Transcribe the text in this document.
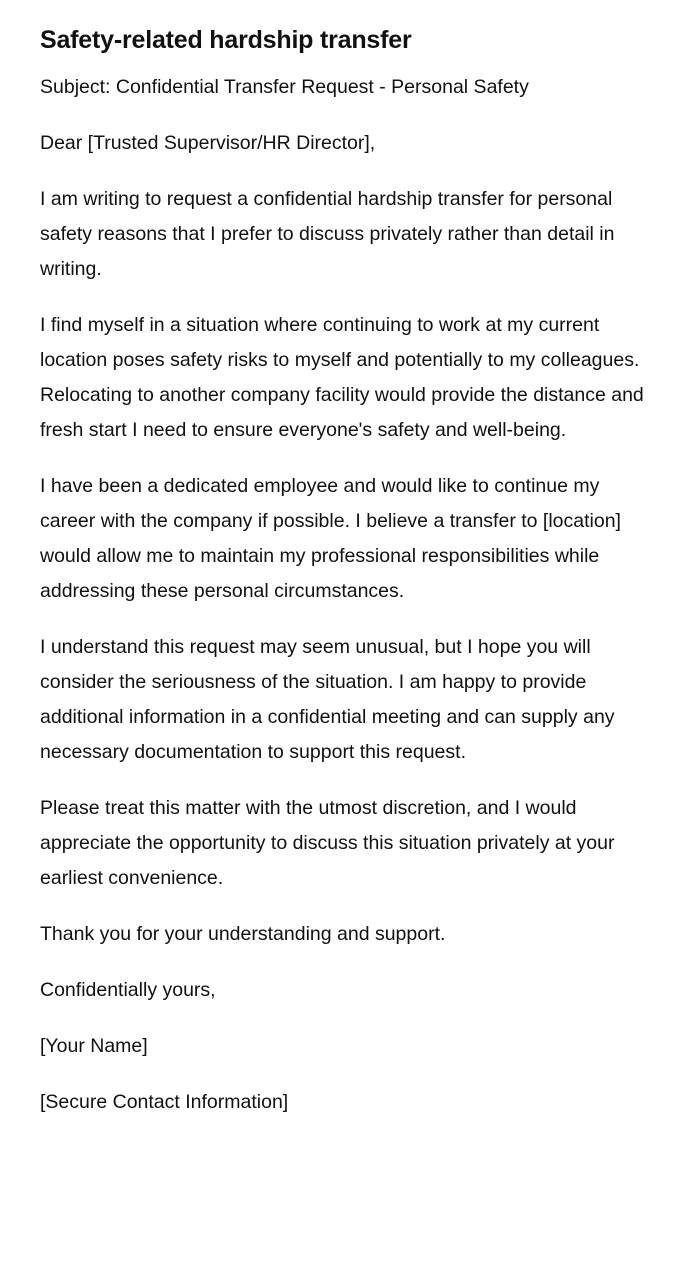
Safety-related hardship transfer

Subject: Confidential Transfer Request - Personal Safety

Dear [Trusted Supervisor/HR Director],

I am writing to request a confidential hardship transfer for personal safety reasons that I prefer to discuss privately rather than detail in writing.

I find myself in a situation where continuing to work at my current location poses safety risks to myself and potentially to my colleagues. Relocating to another company facility would provide the distance and fresh start I need to ensure everyone's safety and well-being.

I have been a dedicated employee and would like to continue my career with the company if possible. I believe a transfer to [location] would allow me to maintain my professional responsibilities while addressing these personal circumstances.

I understand this request may seem unusual, but I hope you will consider the seriousness of the situation. I am happy to provide additional information in a confidential meeting and can supply any necessary documentation to support this request.

Please treat this matter with the utmost discretion, and I would appreciate the opportunity to discuss this situation privately at your earliest convenience.

Thank you for your understanding and support.

Confidentially yours,

[Your Name]

[Secure Contact Information]
